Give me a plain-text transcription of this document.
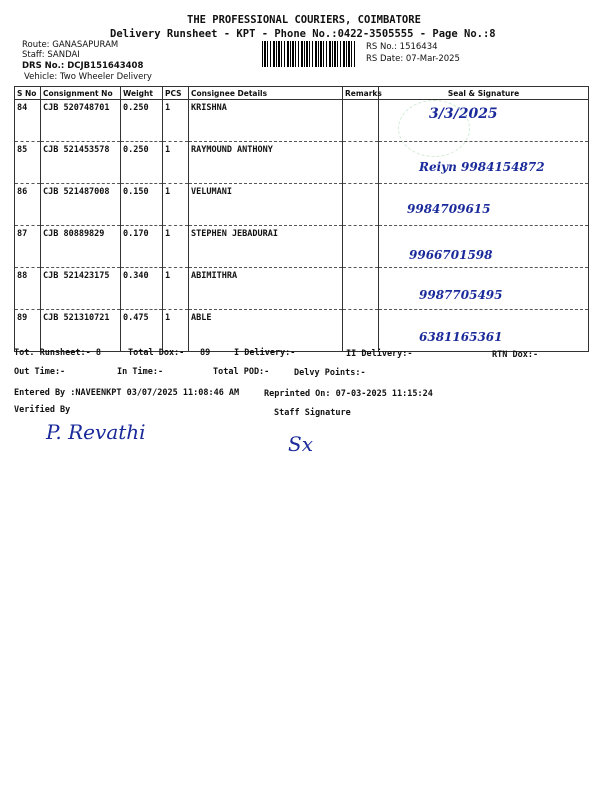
THE PROFESSIONAL COURIERS, COIMBATORE
Delivery Runsheet - KPT - Phone No.:0422-3505555 - Page No.:8
Route: GANASAPURAM
Staff: SANDAI
DRS No.: DCJB151643408
Vehicle: Two Wheeler Delivery
RS No.: 1516434
RS Date: 07-Mar-2025
S No	Consignment No	Weight	PCS	Consignee Details	Remarks	Seal & Signature
84	CJB 520748701	0.250	1	KRISHNA		3/3/2025

85	CJB 521453578	0.250	1	RAYMOUND ANTHONY		Reiyn 9984154872

86	CJB 521487008	0.150	1	VELUMANI		9984709615

87	CJB 80889829	0.170	1	STEPHEN JEBADURAI		9966701598

88	CJB 521423175	0.340	1	ABIMITHRA		9987705495

89	CJB 521310721	0.475	1	ABLE		6381165361
Tot. Runsheet:- 8	Total Dox:- 89	I Delivery:-	II Delivery:-	RTN Dox:-
Out Time:-	In Time:-	Total POD:-	Delvy Points:-
Entered By :NAVEENKPT 03/07/2025 11:08:46 AM	Reprinted On: 07-03-2025 11:15:24
Verified By	Staff Signature
P. Revathi	Sx
